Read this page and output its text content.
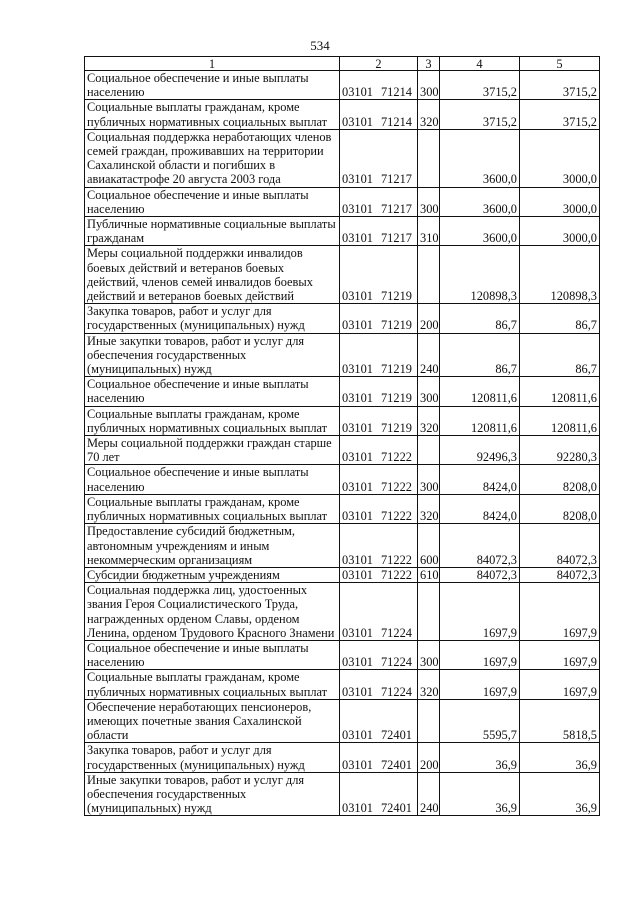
534
1	2	3	4	5
Социальное обеспечение и иные выплаты населению	03101 71214	300	3715,2	3715,2
Социальные выплаты гражданам, кроме публичных нормативных социальных выплат	03101 71214	320	3715,2	3715,2
Социальная поддержка неработающих членов семей граждан, проживавших на территории Сахалинской области и погибших в авиакатастрофе 20 августа 2003 года	03101 71217		3600,0	3000,0
Социальное обеспечение и иные выплаты населению	03101 71217	300	3600,0	3000,0
Публичные нормативные социальные выплаты гражданам	03101 71217	310	3600,0	3000,0
Меры социальной поддержки инвалидов боевых действий и ветеранов боевых действий, членов семей инвалидов боевых действий и ветеранов боевых действий	03101 71219		120898,3	120898,3
Закупка товаров, работ и услуг для государственных (муниципальных) нужд	03101 71219	200	86,7	86,7
Иные закупки товаров, работ и услуг для обеспечения государственных (муниципальных) нужд	03101 71219	240	86,7	86,7
Социальное обеспечение и иные выплаты населению	03101 71219	300	120811,6	120811,6
Социальные выплаты гражданам, кроме публичных нормативных социальных выплат	03101 71219	320	120811,6	120811,6
Меры социальной поддержки граждан старше 70 лет	03101 71222		92496,3	92280,3
Социальное обеспечение и иные выплаты населению	03101 71222	300	8424,0	8208,0
Социальные выплаты гражданам, кроме публичных нормативных социальных выплат	03101 71222	320	8424,0	8208,0
Предоставление субсидий бюджетным, автономным учреждениям и иным некоммерческим организациям	03101 71222	600	84072,3	84072,3
Субсидии бюджетным учреждениям	03101 71222	610	84072,3	84072,3
Социальная поддержка лиц, удостоенных звания Героя Социалистического Труда, награжденных орденом Славы, орденом Ленина, орденом Трудового Красного Знамени	03101 71224		1697,9	1697,9
Социальное обеспечение и иные выплаты населению	03101 71224	300	1697,9	1697,9
Социальные выплаты гражданам, кроме публичных нормативных социальных выплат	03101 71224	320	1697,9	1697,9
Обеспечение неработающих пенсионеров, имеющих почетные звания Сахалинской области	03101 72401		5595,7	5818,5
Закупка товаров, работ и услуг для государственных (муниципальных) нужд	03101 72401	200	36,9	36,9
Иные закупки товаров, работ и услуг для обеспечения государственных (муниципальных) нужд	03101 72401	240	36,9	36,9
